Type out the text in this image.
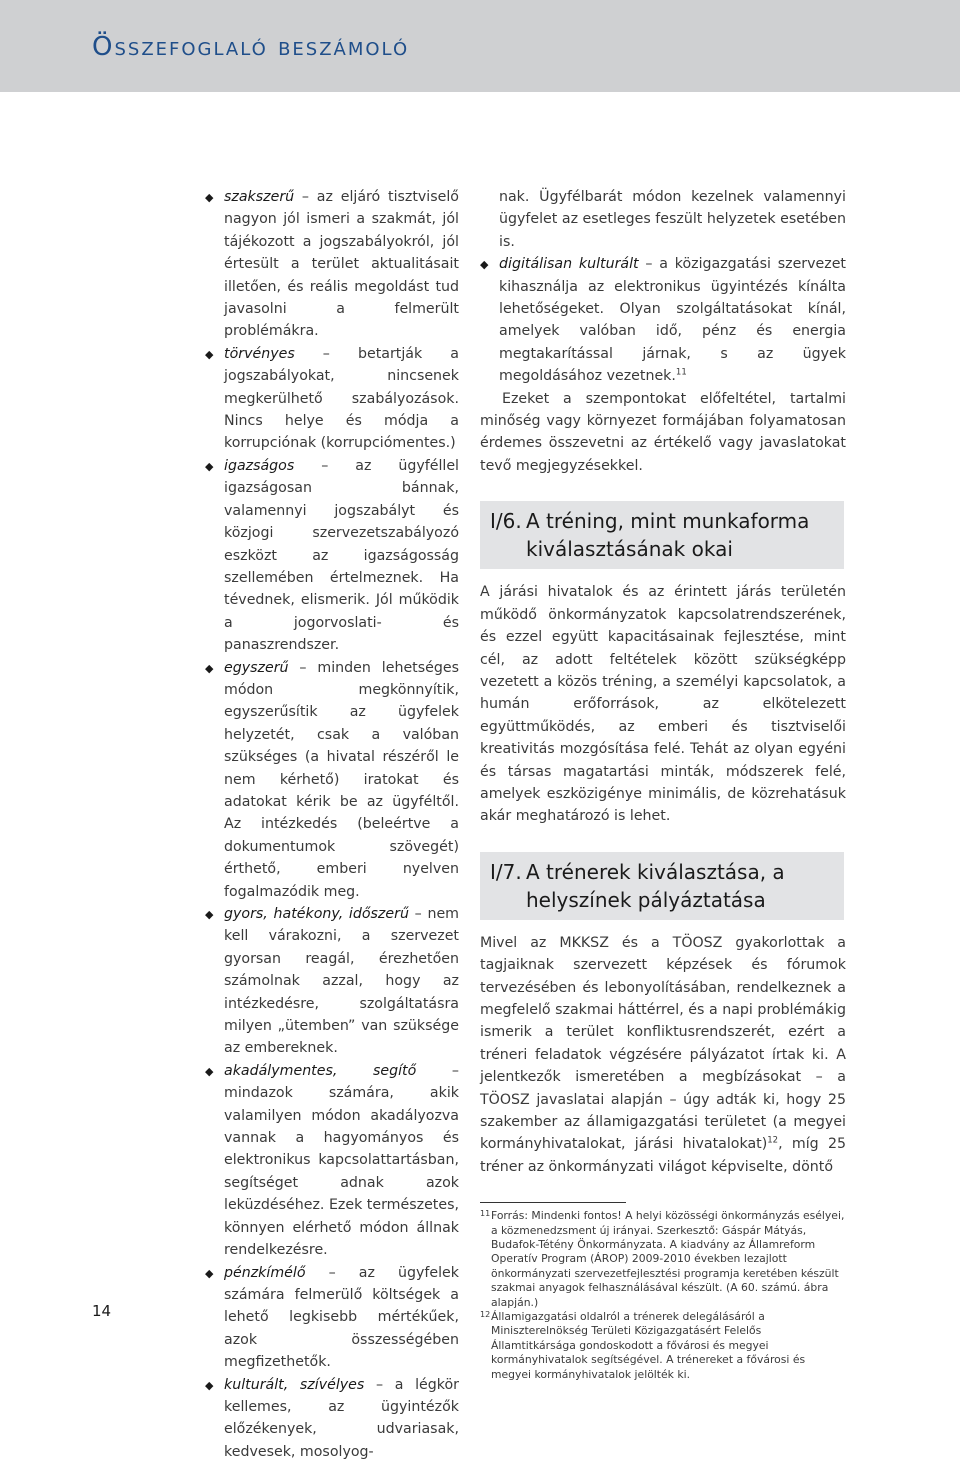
Összefoglaló beszámoló

◆ szakszerű – az eljáró tisztviselő nagyon jól ismeri a szakmát, jól tájékozott a jogszabályokról, jól értesült a terület aktualitásait illetően, és reális megoldást tud javasolni a felmerült problémákra.

◆ törvényes – betartják a jogszabályokat, nincsenek megkerülhető szabályozások. Nincs helye és módja a korrupciónak (korrupciómentes.)

◆ igazságos – az ügyféllel igazságosan bánnak, valamennyi jogszabályt és közjogi szervezetszabályozó eszközt az igazságosság szellemében értelmeznek. Ha tévednek, elismerik. Jól működik a jogorvoslati- és panaszrendszer.

◆ egyszerű – minden lehetséges módon megkönnyítik, egyszerűsítik az ügyfelek helyzetét, csak a valóban szükséges (a hivatal részéről le nem kérhető) iratokat és adatokat kérik be az ügyféltől. Az intézkedés (beleértve a dokumentumok szövegét) érthető, emberi nyelven fogalmazódik meg.

◆ gyors, hatékony, időszerű – nem kell várakozni, a szervezet gyorsan reagál, érezhetően számolnak azzal, hogy az intézkedésre, szolgáltatásra milyen „ütemben” van szüksége az embereknek.

◆ akadálymentes, segítő – mindazok számára, akik valamilyen módon akadályozva vannak a hagyományos és elektronikus kapcsolattartásban, segítséget adnak azok leküzdéséhez. Ezek természetes, könnyen elérhető módon állnak rendelkezésre.

◆ pénzkímélő – az ügyfelek számára felmerülő költségek a lehető legkisebb mértékűek, azok összességében megfizethetők.

◆ kulturált, szívélyes – a légkör kellemes, az ügyintézők előzékenyek, udvariasak, kedvesek, mosolyog-

nak. Ügyfélbarát módon kezelnek valamennyi ügyfelet az esetleges feszült helyzetek esetében is.

◆ digitálisan kulturált – a közigazgatási szervezet kihasználja az elektronikus ügyintézés kínálta lehetőségeket. Olyan szolgáltatásokat kínál, amelyek valóban idő, pénz és energia megtakarítással járnak, s az ügyek megoldásához vezetnek.$^{11}$

Ezeket a szempontokat előfeltétel, tartalmi minőség vagy környezet formájában folyamatosan érdemes összevetni az értékelő vagy javaslatokat tevő megjegyzésekkel.

I/6. A tréning, mint munkaforma kiválasztásának okai

A járási hivatalok és az érintett járás területén működő önkormányzatok kapcsolatrendszerének, és ezzel együtt kapacitásainak fejlesztése, mint cél, az adott feltételek között szükségképp vezetett a közös tréning, a személyi kapcsolatok, a humán erőforrások, az elkötelezett együttműködés, az emberi és tisztviselői kreativitás mozgósítása felé. Tehát az olyan egyéni és társas magatartási minták, módszerek felé, amelyek eszközigénye minimális, de közrehatásuk akár meghatározó is lehet.

I/7. A trénerek kiválasztása, a helyszínek pályáztatása

Mivel az MKKSZ és a TÖOSZ gyakorlottak a tagjaiknak szervezett képzések és fórumok tervezésében és lebonyolításában, rendelkeznek a megfelelő szakmai háttérrel, és a napi problémákig ismerik a terület konfliktusrendszerét, ezért a tréneri feladatok végzésére pályázatot írtak ki. A jelentkezők ismeretében a megbízásokat – a TÖOSZ javaslatai alapján – úgy adták ki, hogy 25 szakember az államigazgatási területet (a megyei kormányhivatalokat, járási hivatalokat)$^{12}$, míg 25 tréner az önkormányzati világot képviselte, döntő

11 Forrás: Mindenki fontos! A helyi közösségi önkormányzás esélyei, a közmenedzsment új irányai. Szerkesztő: Gáspár Mátyás, Budafok-Tétény Önkormányzata. A kiadvány az Államreform Operatív Program (ÁROP) 2009-2010 években lezajlott önkormányzati szervezetfejlesztési programja keretében készült szakmai anyagok felhasználásával készült. (A 60. számú. ábra alapján.)
12 Államigazgatási oldalról a trénerek delegálásáról a Miniszterelnökség Területi Közigazgatásért Felelős Államtitkársága gondoskodott a fővárosi és megyei kormányhivatalok segítségével. A trénereket a fővárosi és megyei kormányhivatalok jelölték ki.
14
